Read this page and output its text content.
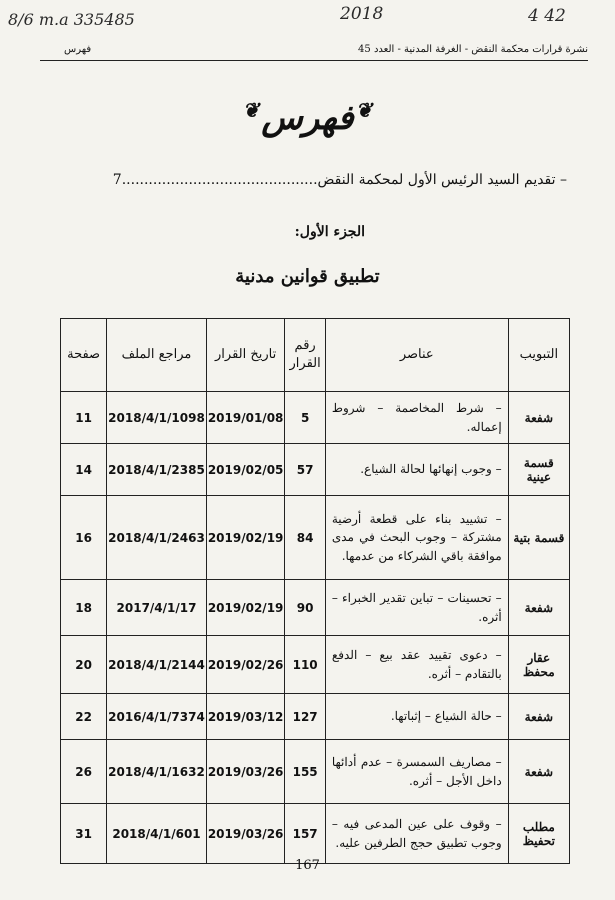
8/6 m.a 335485	2018	4 42
نشرة قرارات محكمة النقض - الغرفة المدنية - العدد 45
فهرس
❦فهرس ❦
– تقديم السيد الرئيس الأول لمحكمة النقض............................................7
الجزء الأول:
تطبيق قوانين مدنية
التبويب	عناصر	رقم القرار	تاريخ القرار	مراجع الملف	صفحة
شفعة	– شرط المخاصمة – شروط إعماله.	5	2019/01/08	2018/4/1/1098	11
قسمة عينية	– وجوب إنهائها لحالة الشياع.	57	2019/02/05	2018/4/1/2385	14
قسمة بتية	– تشييد بناء على قطعة أرضية مشتركة – وجوب البحث في مدى موافقة باقي الشركاء من عدمها.	84	2019/02/19	2018/4/1/2463	16
شفعة	– تحسينات – تباين تقدير الخبراء – أثره.	90	2019/02/19	2017/4/1/17	18
عقار محفظ	– دعوى تقييد عقد بيع – الدفع بالتقادم – أثره.	110	2019/02/26	2018/4/1/2144	20
شفعة	– حالة الشياع – إثباتها.	127	2019/03/12	2016/4/1/7374	22
شفعة	– مصاريف السمسرة – عدم أدائها داخل الأجل – أثره.	155	2019/03/26	2018/4/1/1632	26
مطلب تحفيظ	– وقوف على عين المدعى فيه – وجوب تطبيق حجج الطرفين عليه.	157	2019/03/26	2018/4/1/601	31
167
